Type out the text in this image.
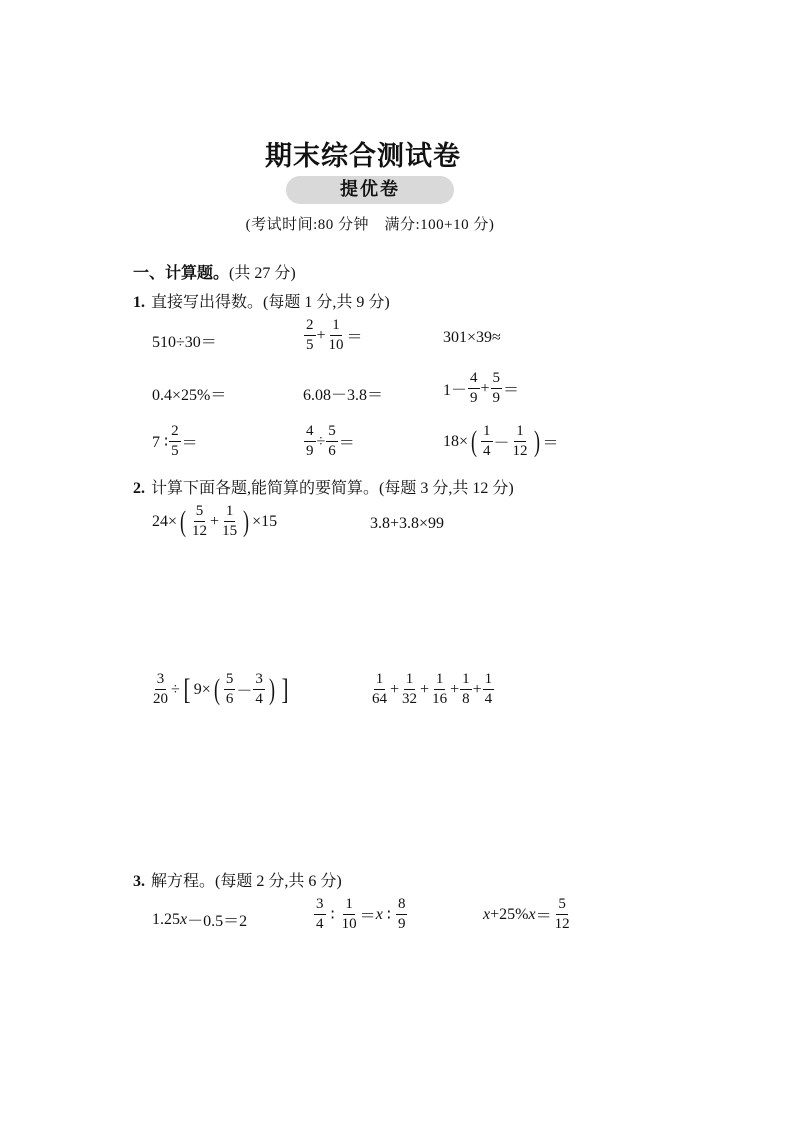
期末综合测试卷
提优卷
(考试时间:80 分钟　满分:100+10 分)
一、计算题。(共 27 分)
1. 直接写出得数。(每题 1 分,共 9 分)
510÷30＝	$\frac{2}{5} + \frac{1}{10}$ ＝	301×39≈
0.4×25%＝	6.08－3.8＝	$1- \frac{4}{9} + \frac{5}{9}$ ＝
7 ∶ $\frac{2}{5}$ ＝	$\frac{4}{9} \div \frac{5}{6}$ ＝	18× ( $\frac{1}{4} - \frac{1}{12}$ ) ＝
2. 计算下面各题,能简算的要简算。(每题 3 分,共 12 分)
24× ( $\frac{5}{12} + \frac{1}{15}$ ) ×15	3.8+3.8×99
$\frac{3}{20}$ ÷ [ 9× ( $\frac{5}{6} - \frac{3}{4}$ ) ]	$\frac{1}{64} + \frac{1}{32} + \frac{1}{16} + \frac{1}{8} + \frac{1}{4}$
3. 解方程。(每题 2 分,共 6 分)
1.25 x －0.5＝2	$\frac{3}{4}$ ∶ $\frac{1}{10} = x$ ∶ $\frac{8}{9}$	x +25% $x = \frac{5}{12}$
